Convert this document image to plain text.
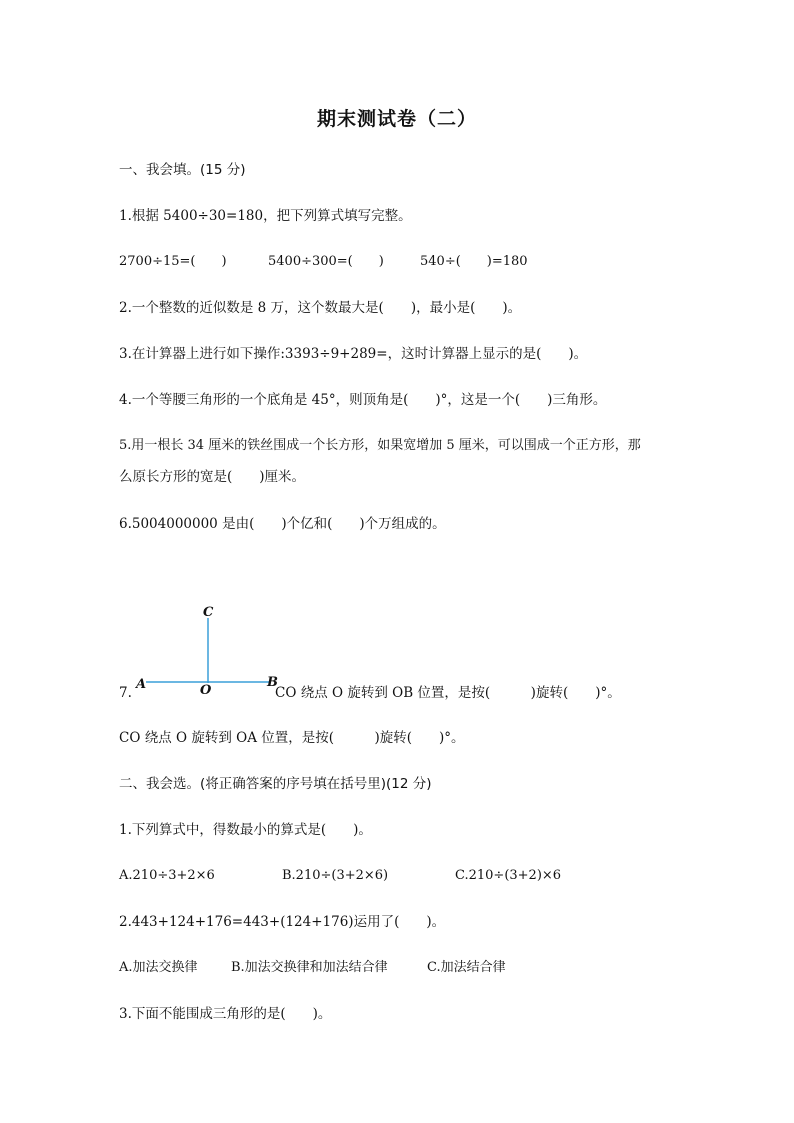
期末测试卷（二）
一、我会填。(15 分)
1.根据 5400÷30=180，把下列算式填写完整。
2700÷15=(　　)	5400÷300=(　　)	540÷(　　)=180
2.一个整数的近似数是 8 万，这个数最大是(　　)，最小是(　　)。
3.在计算器上进行如下操作:3393÷9+289=，这时计算器上显示的是(　　)。
4.一个等腰三角形的一个底角是 45°，则顶角是(　　)°，这是一个(　　)三角形。
5.用一根长 34 厘米的铁丝围成一个长方形，如果宽增加 5 厘米，可以围成一个正方形，那
么原长方形的宽是(　　)厘米。
6.5004000000 是由(　　)个亿和(　　)个万组成的。
C
A	O
B
7.	CO 绕点 O 旋转到 OB 位置，是按(　　　)旋转(　　)°。
CO 绕点 O 旋转到 OA 位置，是按(　　　)旋转(　　)°。
二、我会选。(将正确答案的序号填在括号里)(12 分)
1.下列算式中，得数最小的算式是(　　)。
A.210÷3+2×6	B.210÷(3+2×6)	C.210÷(3+2)×6
2.443+124+176=443+(124+176)运用了(　　)。
A.加法交换律	B.加法交换律和加法结合律	C.加法结合律
3.下面不能围成三角形的是(　　)。
